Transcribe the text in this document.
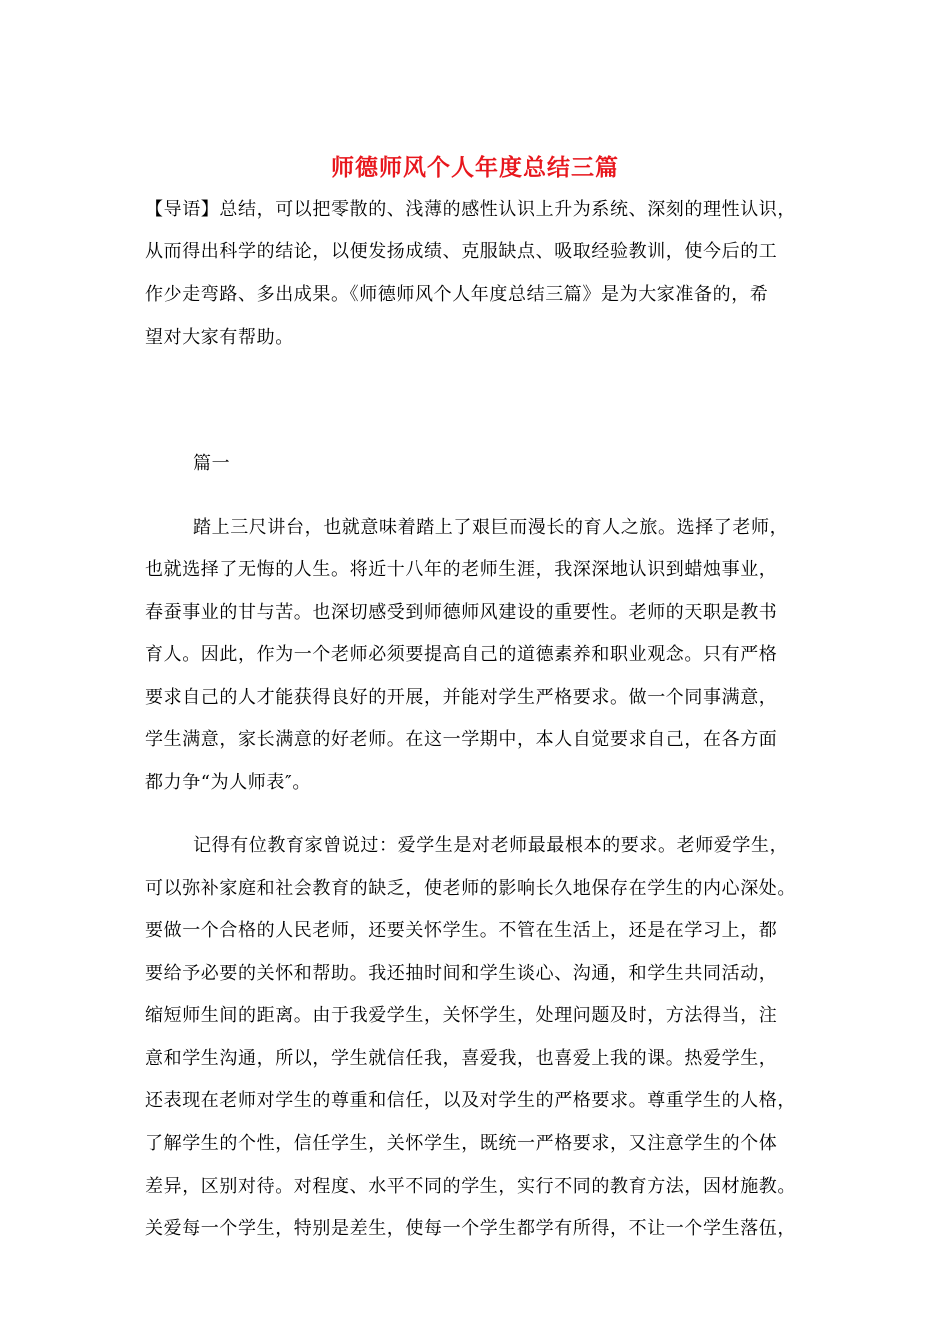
师德师风个人年度总结三篇

【导语】总结，可以把零散的、浅薄的感性认识上升为系统、深刻的理性认识，

从而得出科学的结论，以便发扬成绩、克服缺点、吸取经验教训，使今后的工

作少走弯路、多出成果。《师德师风个人年度总结三篇》是为大家准备的，希

望对大家有帮助。

篇一

踏上三尺讲台，也就意味着踏上了艰巨而漫长的育人之旅。选择了老师，

也就选择了无悔的人生。将近十八年的老师生涯，我深深地认识到蜡烛事业，

春蚕事业的甘与苦。也深切感受到师德师风建设的重要性。老师的天职是教书

育人。因此，作为一个老师必须要提高自己的道德素养和职业观念。只有严格

要求自己的人才能获得良好的开展，并能对学生严格要求。做一个同事满意，

学生满意，家长满意的好老师。在这一学期中，本人自觉要求自己，在各方面

都力争“为人师表″。

记得有位教育家曾说过：爱学生是对老师最最根本的要求。老师爱学生，

可以弥补家庭和社会教育的缺乏，使老师的影响长久地保存在学生的内心深处。

要做一个合格的人民老师，还要关怀学生。不管在生活上，还是在学习上，都

要给予必要的关怀和帮助。我还抽时间和学生谈心、沟通，和学生共同活动，

缩短师生间的距离。由于我爱学生，关怀学生，处理问题及时，方法得当，注

意和学生沟通，所以，学生就信任我，喜爱我，也喜爱上我的课。热爱学生，

还表现在老师对学生的尊重和信任，以及对学生的严格要求。尊重学生的人格，

了解学生的个性，信任学生，关怀学生，既统一严格要求，又注意学生的个体

差异，区别对待。对程度、水平不同的学生，实行不同的教育方法，因材施教。

关爱每一个学生，特别是差生，使每一个学生都学有所得，不让一个学生落伍，
